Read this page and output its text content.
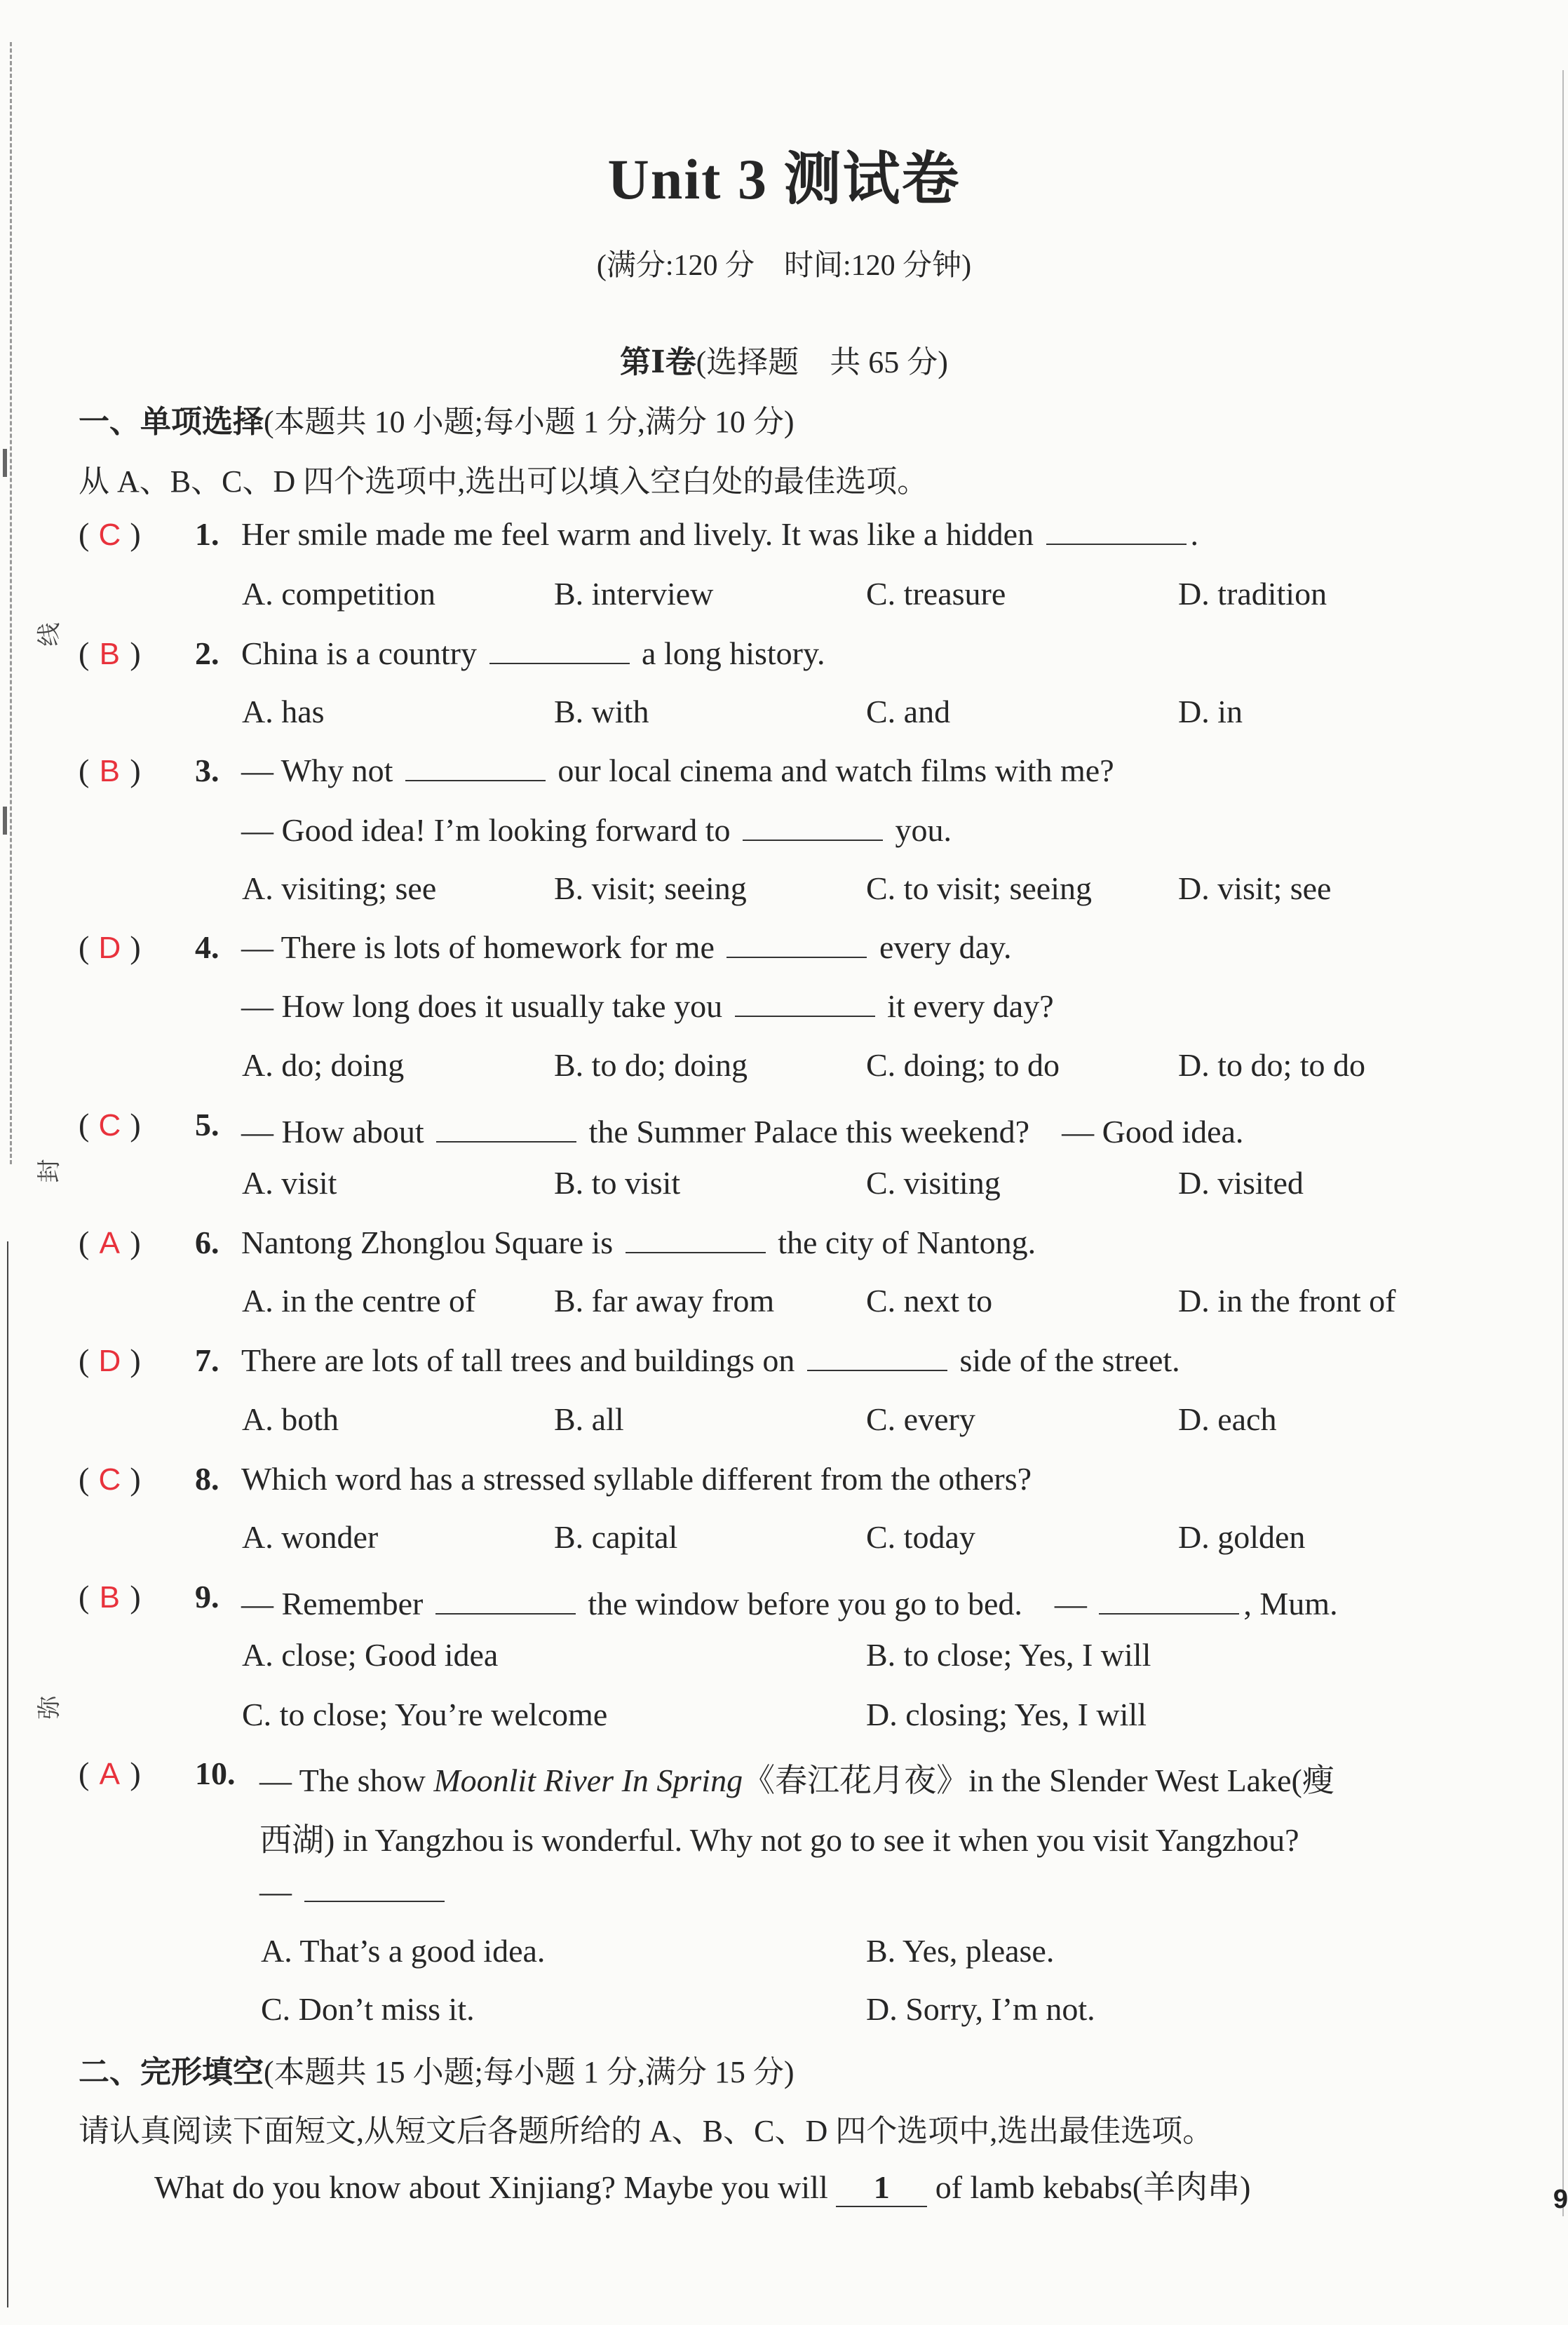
线
封
弥
9
Unit 3 测试卷
(满分:120 分　时间:120 分钟)
第Ⅰ卷(选择题　共 65 分)
一、单项选择(本题共 10 小题;每小题 1 分,满分 10 分)
从 A、B、C、D 四个选项中,选出可以填入空白处的最佳选项。
( C )	1. Her smile made me feel warm and lively. It was like a hidden	.
A. competition	B. interview	C. treasure	D. tradition
( B )	2. China is a country	a long history.
A. has	B. with	C. and	D. in
( B )	3. — Why not	our local cinema and watch films with me?
— Good idea! I’m looking forward to	you.
A. visiting; see	B. visit; seeing	C. to visit; seeing	D. visit; see
( D )	4. — There is lots of homework for me	every day.
— How long does it usually take you	it every day?
A. do; doing	B. to do; doing	C. doing; to do	D. to do; to do
( C )	5. — How about	the Summer Palace this weekend?　— Good idea.
A. visit	B. to visit	C. visiting	D. visited
( A )	6. Nantong Zhonglou Square is	the city of Nantong.
A. in the centre of B. far away from	C. next to	D. in the front of
( D )	7. There are lots of tall trees and buildings on	side of the street.
A. both	B. all	C. every	D. each
( C )	8. Which word has a stressed syllable different from the others?
A. wonder	B. capital	C. today	D. golden
( B )	9. — Remember	the window before you go to bed.　—	, Mum.
A. close; Good idea	B. to close; Yes, I will
C. to close; You’re welcome	D. closing; Yes, I will
( A )	10. — The show Moonlit River In Spring《春江花月夜》in the Slender West Lake(瘦
西湖) in Yangzhou is wonderful. Why not go to see it when you visit Yangzhou?
—
A. That’s a good idea.	B. Yes, please.
C. Don’t miss it.	D. Sorry, I’m not.
二、完形填空(本题共 15 小题;每小题 1 分,满分 15 分)
请认真阅读下面短文,从短文后各题所给的 A、B、C、D 四个选项中,选出最佳选项。
What do you know about Xinjiang? Maybe you will 1 of lamb kebabs(羊肉串)
